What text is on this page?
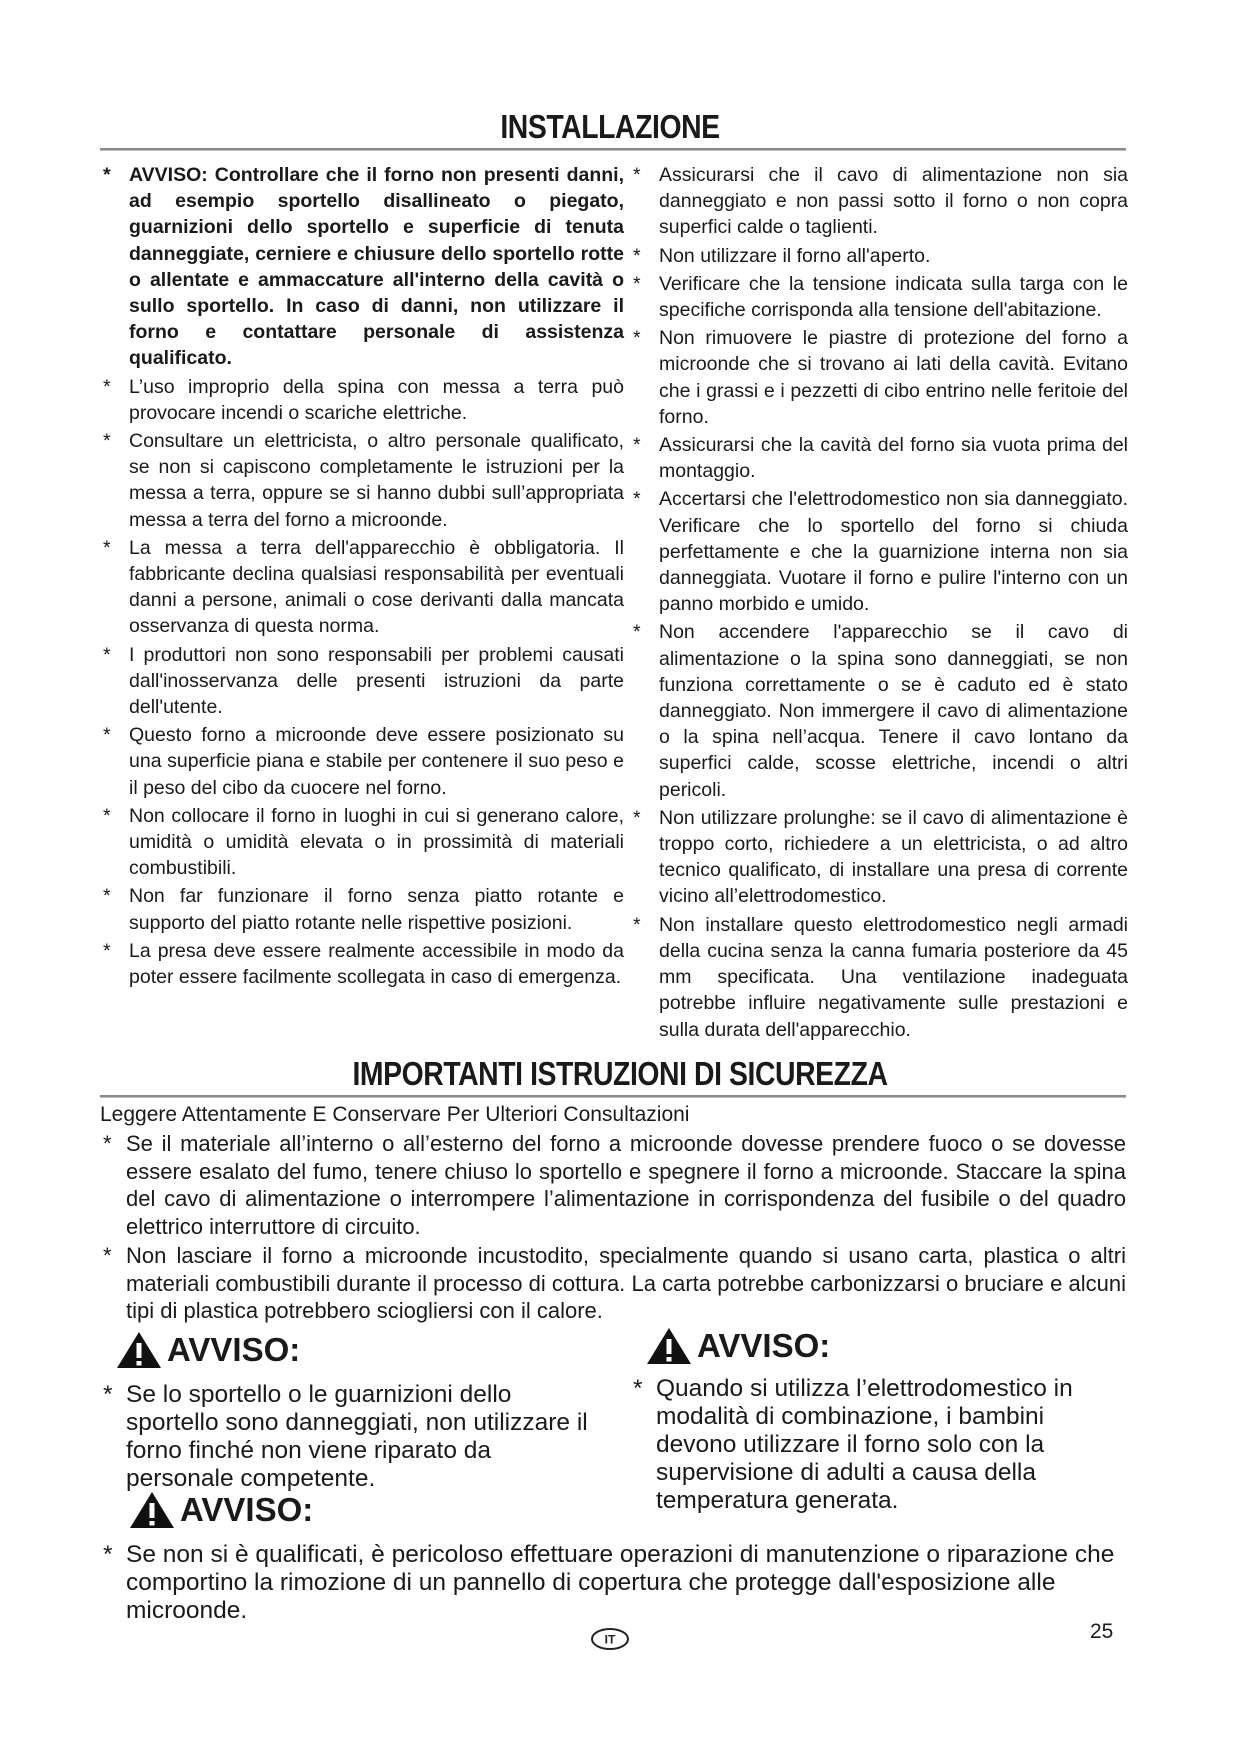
INSTALLAZIONE
* AVVISO: Controllare che il forno non presenti danni, ad esempio sportello disallineato o piegato, guarnizioni dello sportello e superficie di tenuta danneggiate, cerniere e chiusure dello sportello rotte o allentate e ammaccature all'interno della cavità o sullo sportello. In caso di danni, non utilizzare il forno e contattare personale di assistenza qualificato.
* L’uso improprio della spina con messa a terra può provocare incendi o scariche elettriche.
* Consultare un elettricista, o altro personale qualificato, se non si capiscono completamente le istruzioni per la messa a terra, oppure se si hanno dubbi sull’appropriata messa a terra del forno a microonde.
* La messa a terra dell'apparecchio è obbligatoria. Il fabbricante declina qualsiasi responsabilità per eventuali danni a persone, animali o cose derivanti dalla mancata osservanza di questa norma.
* I produttori non sono responsabili per problemi causati dall'inosservanza delle presenti istruzioni da parte dell'utente.
* Questo forno a microonde deve essere posizionato su una superficie piana e stabile per contenere il suo peso e il peso del cibo da cuocere nel forno.
* Non collocare il forno in luoghi in cui si generano calore, umidità o umidità elevata o in prossimità di materiali combustibili.
* Non far funzionare il forno senza piatto rotante e supporto del piatto rotante nelle rispettive posizioni.
* La presa deve essere realmente accessibile in modo da poter essere facilmente scollegata in caso di emergenza.
* Assicurarsi che il cavo di alimentazione non sia danneggiato e non passi sotto il forno o non copra superfici calde o taglienti.
* Non utilizzare il forno all'aperto.
* Verificare che la tensione indicata sulla targa con le specifiche corrisponda alla tensione dell'abitazione.
* Non rimuovere le piastre di protezione del forno a microonde che si trovano ai lati della cavità. Evitano che i grassi e i pezzetti di cibo entrino nelle feritoie del forno.
* Assicurarsi che la cavità del forno sia vuota prima del montaggio.
* Accertarsi che l'elettrodomestico non sia danneggiato. Verificare che lo sportello del forno si chiuda perfettamente e che la guarnizione interna non sia danneggiata. Vuotare il forno e pulire l'interno con un panno morbido e umido.
* Non accendere l'apparecchio se il cavo di alimentazione o la spina sono danneggiati, se non funziona correttamente o se è caduto ed è stato danneggiato. Non immergere il cavo di alimentazione o la spina nell’acqua. Tenere il cavo lontano da superfici calde, scosse elettriche, incendi o altri pericoli.
* Non utilizzare prolunghe: se il cavo di alimentazione è troppo corto, richiedere a un elettricista, o ad altro tecnico qualificato, di installare una presa di corrente vicino all’elettrodomestico.
* Non installare questo elettrodomestico negli armadi della cucina senza la canna fumaria posteriore da 45 mm specificata. Una ventilazione inadeguata potrebbe influire negativamente sulle prestazioni e sulla durata dell'apparecchio.
IMPORTANTI ISTRUZIONI DI SICUREZZA
Leggere Attentamente E Conservare Per Ulteriori Consultazioni
* Se il materiale all’interno o all’esterno del forno a microonde dovesse prendere fuoco o se dovesse essere esalato del fumo, tenere chiuso lo sportello e spegnere il forno a microonde. Staccare la spina del cavo di alimentazione o interrompere l’alimentazione in corrispondenza del fusibile o del quadro elettrico interruttore di circuito.
* Non lasciare il forno a microonde incustodito, specialmente quando si usano carta, plastica o altri materiali combustibili durante il processo di cottura. La carta potrebbe carbonizzarsi o bruciare e alcuni tipi di plastica potrebbero sciogliersi con il calore.
AVVISO:
* Se lo sportello o le guarnizioni dello sportello sono danneggiati, non utilizzare il forno finché non viene riparato da personale competente.
AVVISO:
* Quando si utilizza l’elettrodomestico in modalità di combinazione, i bambini devono utilizzare il forno solo con la supervisione di adulti a causa della temperatura generata.
AVVISO:
* Se non si è qualificati, è pericoloso effettuare operazioni di manutenzione o riparazione che comportino la rimozione di un pannello di copertura che protegge dall'esposizione alle microonde.
IT	25
